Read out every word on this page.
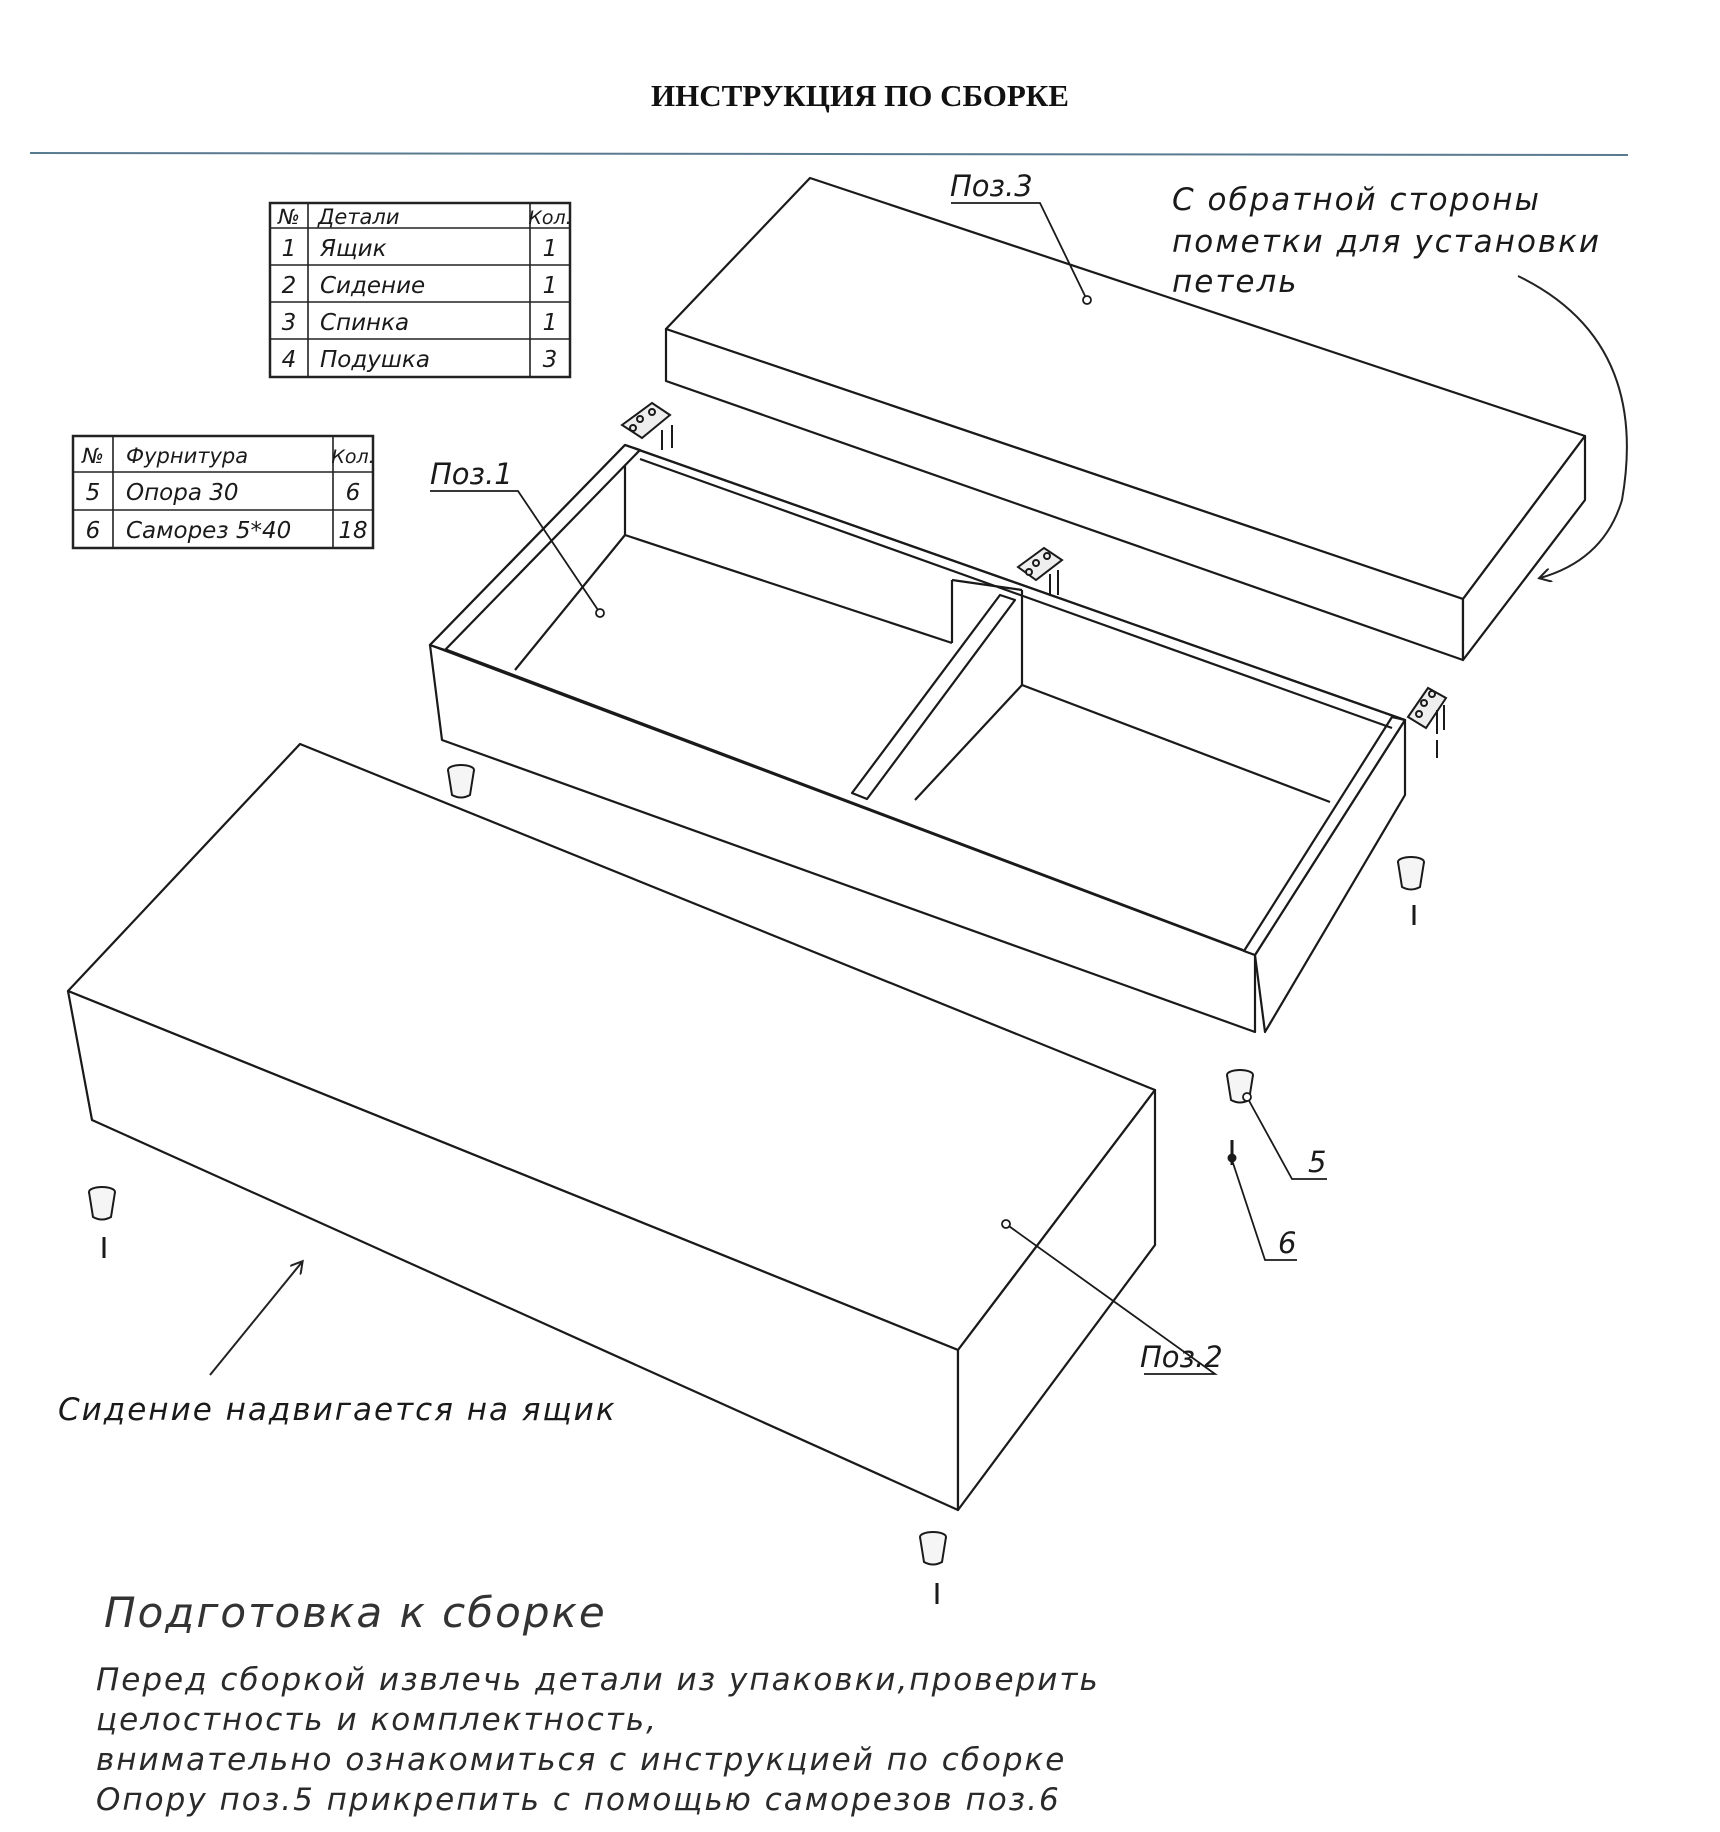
ИНСТРУКЦИЯ ПО СБОРКЕ
№ Детали	Кол.
1 Ящик	1
2 Сидение	1
3 Спинка	1
4 Подушка	3
№ Фурнитура	Кол.
5 Опора 30	6
6 Саморез 5*40 18
Поз.3
Поз.1
Поз.2
5
6
С обратной стороны
пометки для установки
петель
Сидение надвигается на ящик
Подготовка к сборке
Перед сборкой извлечь детали из упаковки,проверить
целостность и комплектность,
внимательно ознакомиться с инструкцией по сборке
Опору поз.5 прикрепить с помощью саморезов поз.6
